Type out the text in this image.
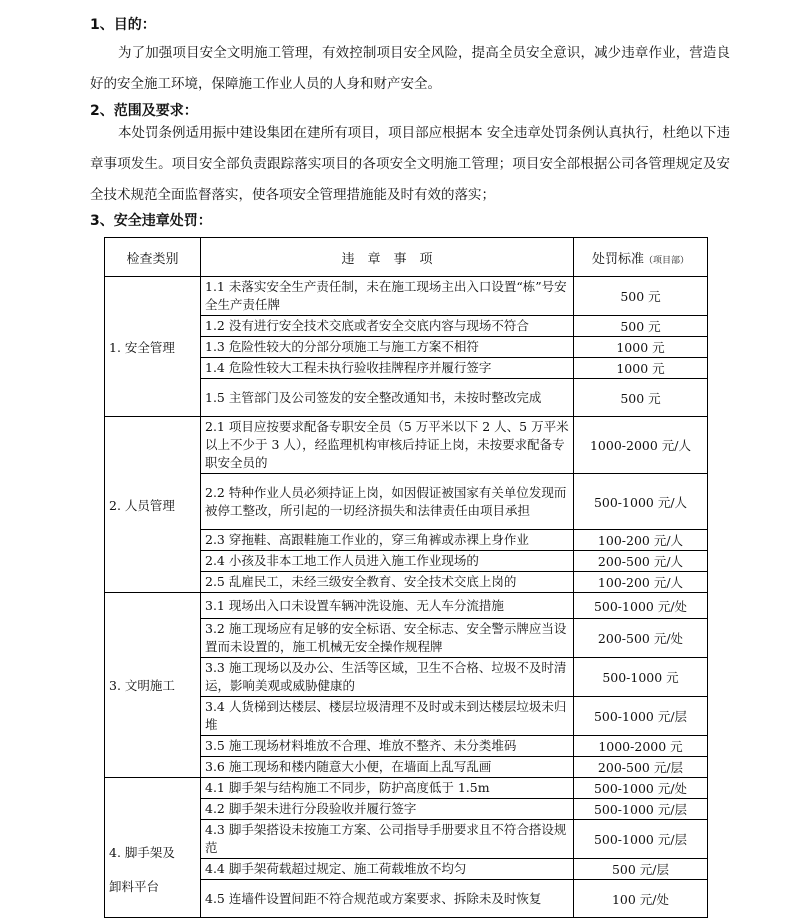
1、目的：
为了加强项目安全文明施工管理，有效控制项目安全风险，提高全员安全意识，减少违章作业，营造良好的安全施工环境，保障施工作业人员的人身和财产安全。
2、范围及要求：
本处罚条例适用振中建设集团在建所有项目，项目部应根据本 安全违章处罚条例认真执行，杜绝以下违章事项发生。项目安全部负责跟踪落实项目的各项安全文明施工管理；项目安全部根据公司各管理规定及安全技术规范全面监督落实，使各项安全管理措施能及时有效的落实；
3、安全违章处罚：
检查类别	违　章　事　项	处罚标准（项目部）
1. 安全管理	1.1 未落实安全生产责任制，未在施工现场主出入口设置“栋”号安全生产责任牌	500 元
	1.2 没有进行安全技术交底或者安全交底内容与现场不符合	500 元
	1.3 危险性较大的分部分项施工与施工方案不相符	1000 元
	1.4 危险性较大工程未执行验收挂牌程序并履行签字	1000 元
	1.5 主管部门及公司签发的安全整改通知书，未按时整改完成	500 元
2. 人员管理	2.1 项目应按要求配备专职安全员（5 万平米以下 2 人、5 万平米以上不少于 3 人），经监理机构审核后持证上岗，未按要求配备专职安全员的	1000-2000 元/人
	2.2 特种作业人员必须持证上岗，如因假证被国家有关单位发现而被停工整改，所引起的一切经济损失和法律责任由项目承担	500-1000 元/人
	2.3 穿拖鞋、高跟鞋施工作业的，穿三角裤或赤裸上身作业	100-200 元/人
	2.4 小孩及非本工地工作人员进入施工作业现场的	200-500 元/人
	2.5 乱雇民工，未经三级安全教育、安全技术交底上岗的	100-200 元/人
3. 文明施工	3.1 现场出入口未设置车辆冲洗设施、无人车分流措施	500-1000 元/处
	3.2 施工现场应有足够的安全标语、安全标志、安全警示牌应当设置而未设置的，施工机械无安全操作规程牌	200-500 元/处
	3.3 施工现场以及办公、生活等区域，卫生不合格、垃圾不及时清运，影响美观或威胁健康的	500-1000 元
	3.4 人货梯到达楼层、楼层垃圾清理不及时或未到达楼层垃圾未归堆	500-1000 元/层
	3.5 施工现场材料堆放不合理、堆放不整齐、未分类堆码	1000-2000 元
	3.6 施工现场和楼内随意大小便，在墙面上乱写乱画	200-500 元/层
4. 脚手架及
卸料平台	4.1 脚手架与结构施工不同步，防护高度低于 1.5m	500-1000 元/处
	4.2 脚手架未进行分段验收并履行签字	500-1000 元/层
	4.3 脚手架搭设未按施工方案、公司指导手册要求且不符合搭设规范	500-1000 元/层
	4.4 脚手架荷载超过规定、施工荷载堆放不均匀	500 元/层
	4.5 连墙件设置间距不符合规范或方案要求、拆除未及时恢复	100 元/处
